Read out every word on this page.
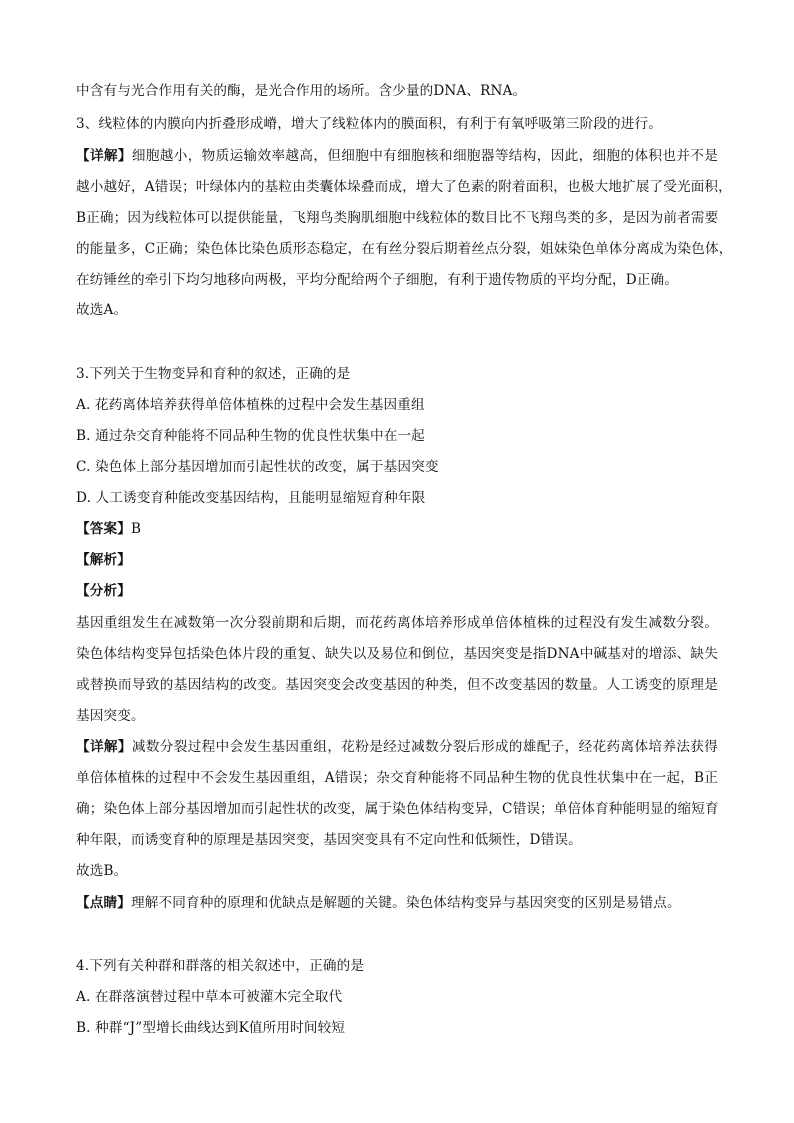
中含有与光合作用有关的酶，是光合作用的场所。含少量的DNA、RNA。
3、线粒体的内膜向内折叠形成嵴，增大了线粒体内的膜面积，有利于有氧呼吸第三阶段的进行。
【详解】细胞越小，物质运输效率越高，但细胞中有细胞核和细胞器等结构，因此，细胞的体积也并不是
越小越好，A错误；叶绿体内的基粒由类囊体垛叠而成，增大了色素的附着面积，也极大地扩展了受光面积，
B正确；因为线粒体可以提供能量，飞翔鸟类胸肌细胞中线粒体的数目比不飞翔鸟类的多，是因为前者需要
的能量多，C正确；染色体比染色质形态稳定，在有丝分裂后期着丝点分裂，姐妹染色单体分离成为染色体，
在纺锤丝的牵引下均匀地移向两极，平均分配给两个子细胞，有利于遗传物质的平均分配，D正确。
故选A。
3.下列关于生物变异和育种的叙述，正确的是
A. 花药离体培养获得单倍体植株的过程中会发生基因重组
B. 通过杂交育种能将不同品种生物的优良性状集中在一起
C. 染色体上部分基因增加而引起性状的改变，属于基因突变
D. 人工诱变育种能改变基因结构，且能明显缩短育种年限
【答案】B
【解析】
【分析】
基因重组发生在减数第一次分裂前期和后期，而花药离体培养形成单倍体植株的过程没有发生减数分裂。
染色体结构变异包括染色体片段的重复、缺失以及易位和倒位，基因突变是指DNA中碱基对的增添、缺失
或替换而导致的基因结构的改变。基因突变会改变基因的种类，但不改变基因的数量。人工诱变的原理是
基因突变。
【详解】减数分裂过程中会发生基因重组，花粉是经过减数分裂后形成的雄配子，经花药离体培养法获得
单倍体植株的过程中不会发生基因重组，A错误；杂交育种能将不同品种生物的优良性状集中在一起，B正
确；染色体上部分基因增加而引起性状的改变，属于染色体结构变异，C错误；单倍体育种能明显的缩短育
种年限，而诱变育种的原理是基因突变，基因突变具有不定向性和低频性，D错误。
故选B。
【点睛】理解不同育种的原理和优缺点是解题的关键。染色体结构变异与基因突变的区别是易错点。
4.下列有关种群和群落的相关叙述中，正确的是
A. 在群落演替过程中草本可被灌木完全取代
B. 种群“J”型增长曲线达到K值所用时间较短
